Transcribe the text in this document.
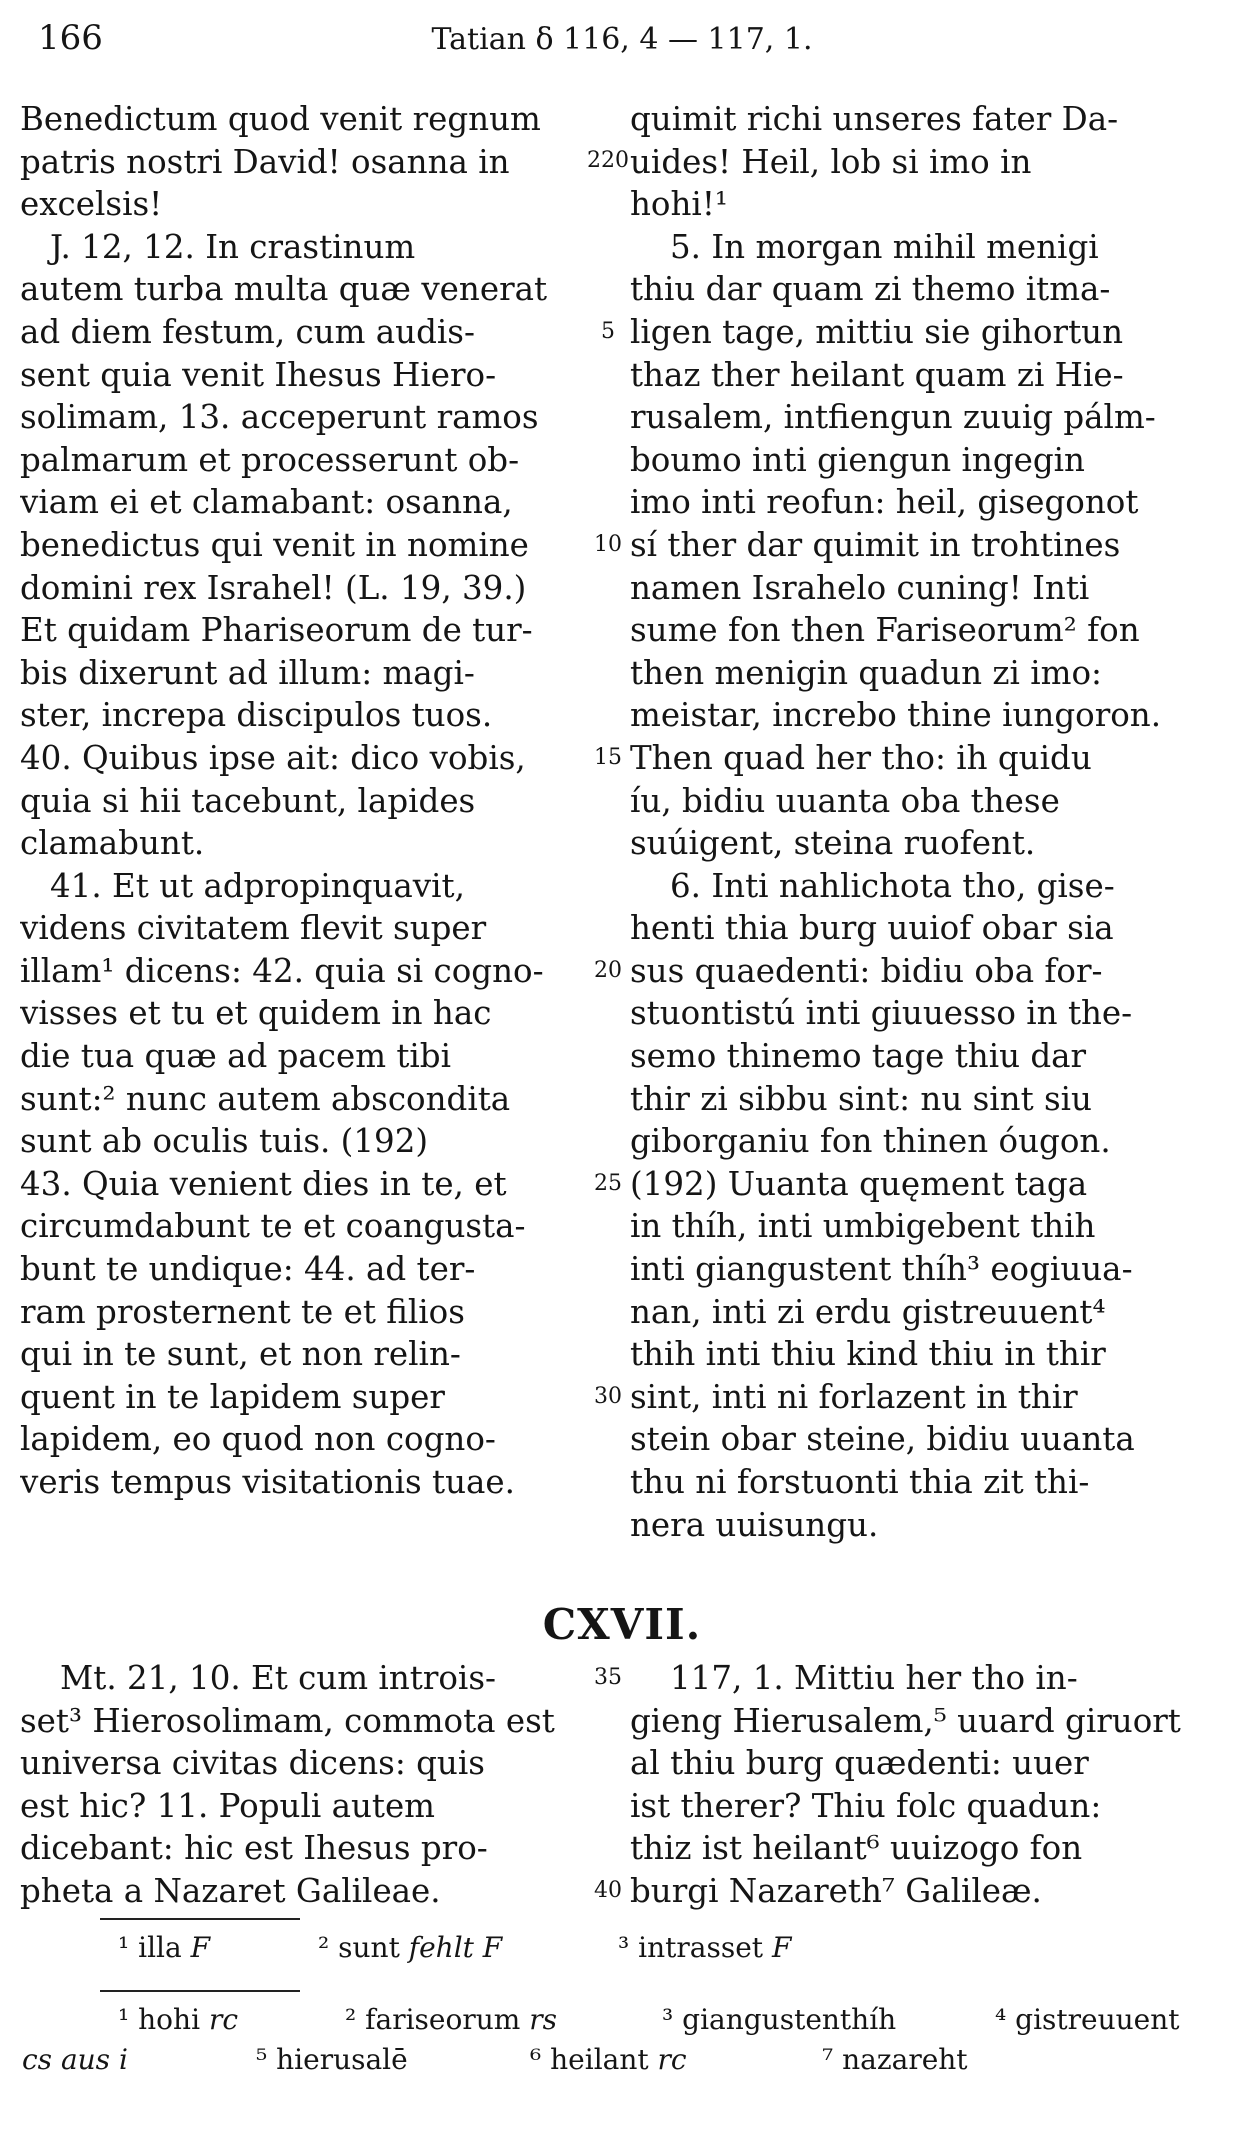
166	Tatian δ 116, 4 — 117, 1.
Benedictum quod venit regnum
patris nostri David! osanna in
excelsis!
J. 12, 12. In crastinum
autem turba multa quæ venerat
ad diem festum, cum audis-
sent quia venit Ihesus Hiero-
solimam, 13. acceperunt ramos
palmarum et processerunt ob-
viam ei et clamabant: osanna,
benedictus qui venit in nomine
domini rex Israhel! (L. 19, 39.)
Et quidam Phariseorum de tur-
bis dixerunt ad illum: magi-
ster, increpa discipulos tuos.
40. Quibus ipse ait: dico vobis,
quia si hii tacebunt, lapides
clamabunt.
41. Et ut adpropinquavit,
videns civitatem flevit super
illam¹ dicens: 42. quia si cogno-
visses et tu et quidem in hac
die tua quæ ad pacem tibi
sunt:² nunc autem abscondita
sunt ab oculis tuis. (192)
43. Quia venient dies in te, et
circumdabunt te et coangusta-
bunt te undique: 44. ad ter-
ram prosternent te et filios
qui in te sunt, et non relin-
quent in te lapidem super
lapidem, eo quod non cogno-
veris tempus visitationis tuae.
quimit richi unseres fater Da-
uides! Heil, lob si imo in
hohi!¹
5. In morgan mihil menigi
thiu dar quam zi themo itma-
ligen tage, mittiu sie gihortun
thaz ther heilant quam zi Hie-
rusalem, intfiengun zuuig pálm-
boumo inti giengun ingegin
imo inti reofun: heil, gisegonot
sí ther dar quimit in trohtines
namen Israhelo cuning! Inti
sume fon then Fariseorum² fon
then menigin quadun zi imo:
meistar, increbo thine iungoron.
Then quad her tho: ih quidu
íu, bidiu uuanta oba these
suúigent, steina ruofent.
6. Inti nahlichota tho, gise-
henti thia burg uuiof obar sia
sus quaedenti: bidiu oba for-
stuontistú inti giuuesso in the-
semo thinemo tage thiu dar
thir zi sibbu sint: nu sint siu
giborganiu fon thinen óugon.
(192) Uuanta quęment taga
in thíh, inti umbigebent thih
inti giangustent thíh³ eogiuua-
nan, inti zi erdu gistreuuent⁴
thih inti thiu kind thiu in thir
sint, inti ni forlazent in thir
stein obar steine, bidiu uuanta
thu ni forstuonti thia zit thi-
nera uuisungu.
220
5
10
15
20
25
30
35
40
CXVII.
Mt. 21, 10. Et cum introis-
set³ Hierosolimam, commota est
universa civitas dicens: quis
est hic? 11. Populi autem
dicebant: hic est Ihesus pro-
pheta a Nazaret Galileae.
117, 1. Mittiu her tho in-
gieng Hierusalem,⁵ uuard giruort
al thiu burg quædenti: uuer
ist therer? Thiu folc quadun:
thiz ist heilant⁶ uuizogo fon
burgi Nazareth⁷ Galileæ.
¹ illa F	² sunt fehlt F	³ intrasset F
¹ hohi rc	² fariseorum rs	³ giangustenthíh	⁴ gistreuuent
cs aus i	⁵ hierusalē	⁶ heilant rc	⁷ nazareht
